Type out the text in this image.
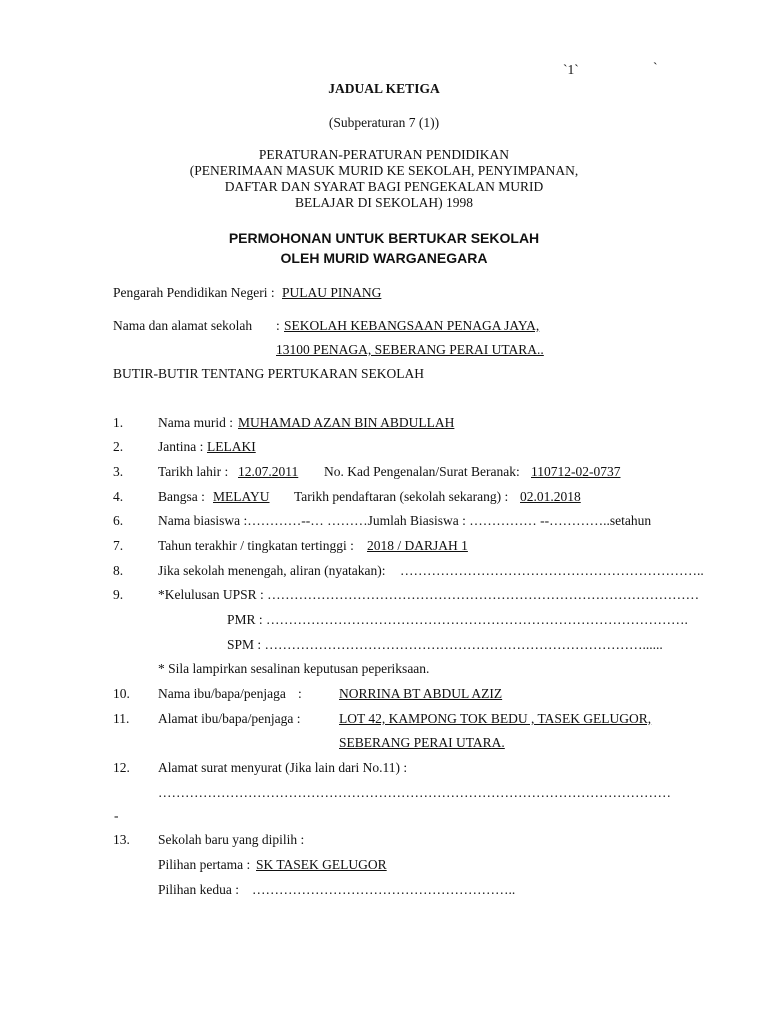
`1`	`
JADUAL KETIGA
(Subperaturan 7 (1))
PERATURAN-PERATURAN PENDIDIKAN
(PENERIMAAN MASUK MURID KE SEKOLAH, PENYIMPANAN,
DAFTAR DAN SYARAT BAGI PENGEKALAN MURID
BELAJAR DI SEKOLAH) 1998
PERMOHONAN UNTUK BERTUKAR SEKOLAH
OLEH MURID WARGANEGARA
Pengarah Pendidikan Negeri : PULAU PINANG
Nama dan alamat sekolah : SEKOLAH KEBANGSAAN PENAGA JAYA,
13100 PENAGA, SEBERANG PERAI UTARA..
BUTIR-BUTIR TENTANG PERTUKARAN SEKOLAH
1.	Nama murid : MUHAMAD AZAN BIN ABDULLAH
2.	Jantina : LELAKI
3.	Tarikh lahir : 12.07.2011 No. Kad Pengenalan/Surat Beranak: 110712-02-0737
4.	Bangsa : MELAYU Tarikh pendaftaran (sekolah sekarang) : 02.01.2018
6.	Nama biasiswa :…………--… ………Jumlah Biasiswa : …………… --…………..setahun
7.	Tahun terakhir / tingkatan tertinggi : 2018 / DARJAH 1
8.	Jika sekolah menengah, aliran (nyatakan): …………………………………………………………..
9.	*Kelulusan UPSR : ……………………………………………………………………………………
PMR : ………………………………………………………………………………….
SPM : …………………………………………………………………………......
* Sila lampirkan sesalinan keputusan peperiksaan.
10. Nama ibu/bapa/penjaga :	NORRINA BT ABDUL AZIZ
11. Alamat ibu/bapa/penjaga :	LOT 42, KAMPONG TOK BEDU , TASEK GELUGOR,
SEBERANG PERAI UTARA.
12. Alamat surat menyurat (Jika lain dari No.11) :
……………………………………………………………………………………………………
-
13. Sekolah baru yang dipilih :
Pilihan pertama : SK TASEK GELUGOR
Pilihan kedua : …………………………………………………..
